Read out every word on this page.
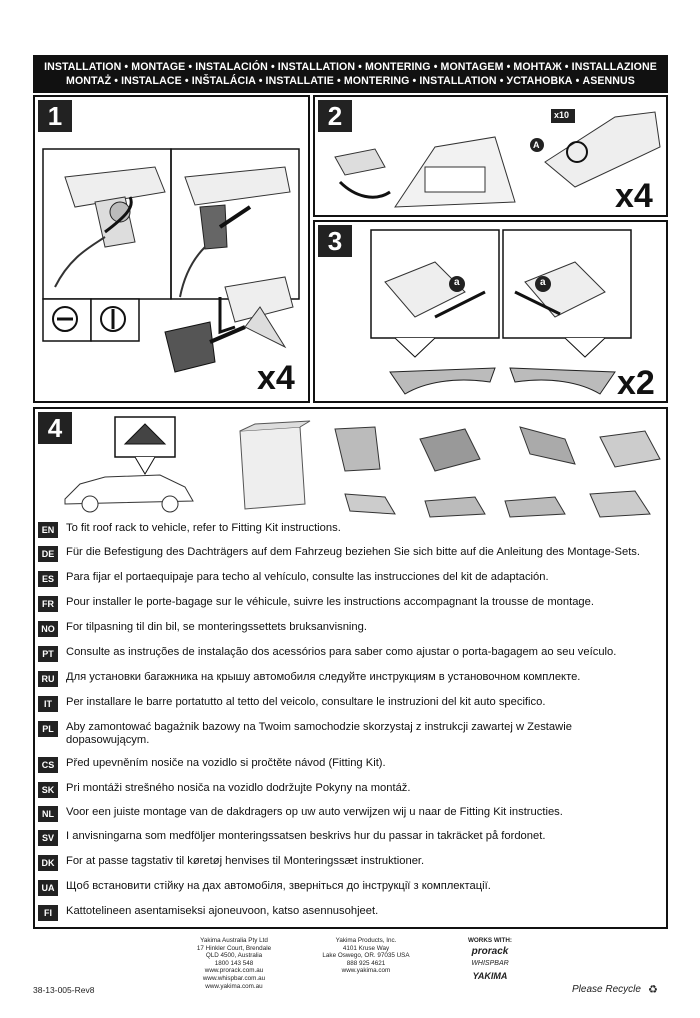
INSTALLATION • MONTAGE • INSTALACIÓN • INSTALLATION • MONTERING • MONTAGEM • МОНТАЖ • INSTALLAZIONE
MONTAŻ • INSTALACE • INŠTALÁCIA • INSTALLATIE • MONTERING • INSTALLATION • УСТАНОВКА • ASENNUS
1
x4
2
A
x10
x4
3
a	a
x2
4
EN	To fit roof rack to vehicle, refer to Fitting Kit instructions.
DE	Für die Befestigung des Dachträgers auf dem Fahrzeug beziehen Sie sich bitte auf die Anleitung des Montage-Sets.
ES	Para fijar el portaequipaje para techo al vehículo, consulte las instrucciones del kit de adaptación.
FR	Pour installer le porte-bagage sur le véhicule, suivre les instructions accompagnant la trousse de montage.
NO For tilpasning til din bil, se monteringssettets bruksanvisning.
PT	Consulte as instruções de instalação dos acessórios para saber como ajustar o porta-bagagem ao seu veículo.
RU	Для установки багажника на крышу автомобиля следуйте инструкциям в установочном комплекте.
IT	Per installare le barre portatutto al tetto del veicolo, consultare le instruzioni del kit auto specifico.
PL	Aby zamontować bagażnik bazowy na Twoim samochodzie skorzystaj z instrukcji zawartej w Zestawie dopasowującym.
CS	Před upevněním nosiče na vozidlo si pročtěte návod (Fitting Kit).
SK	Pri montáži strešného nosiča na vozidlo dodržujte Pokyny na montáž.
NL	Voor een juiste montage van de dakdragers op uw auto verwijzen wij u naar de Fitting Kit instructies.
SV	I anvisningarna som medföljer monteringssatsen beskrivs hur du passar in takräcket på fordonet.
DK	For at passe tagstativ til køretøj henvises til Monteringssæt instruktioner.
UA	Щоб встановити стійку на дах автомобіля, зверніться до інструкції з комплектації.
FI	Kattotelineen asentamiseksi ajoneuvoon, katso asennusohjeet.
Yakima Australia Pty Ltd
17 Hinkler Court, Brendale
QLD 4500, Australia
1800 143 548
www.prorack.com.au
www.whispbar.com.au
www.yakima.com.au
Yakima Products, Inc.
4101 Kruse Way
Lake Oswego, OR. 97035 USA
888 925 4621
www.yakima.com
WORKS WITH:
prorack
WHISPBAR
YAKIMA
38-13-005-Rev8	Please Recycle ♻
